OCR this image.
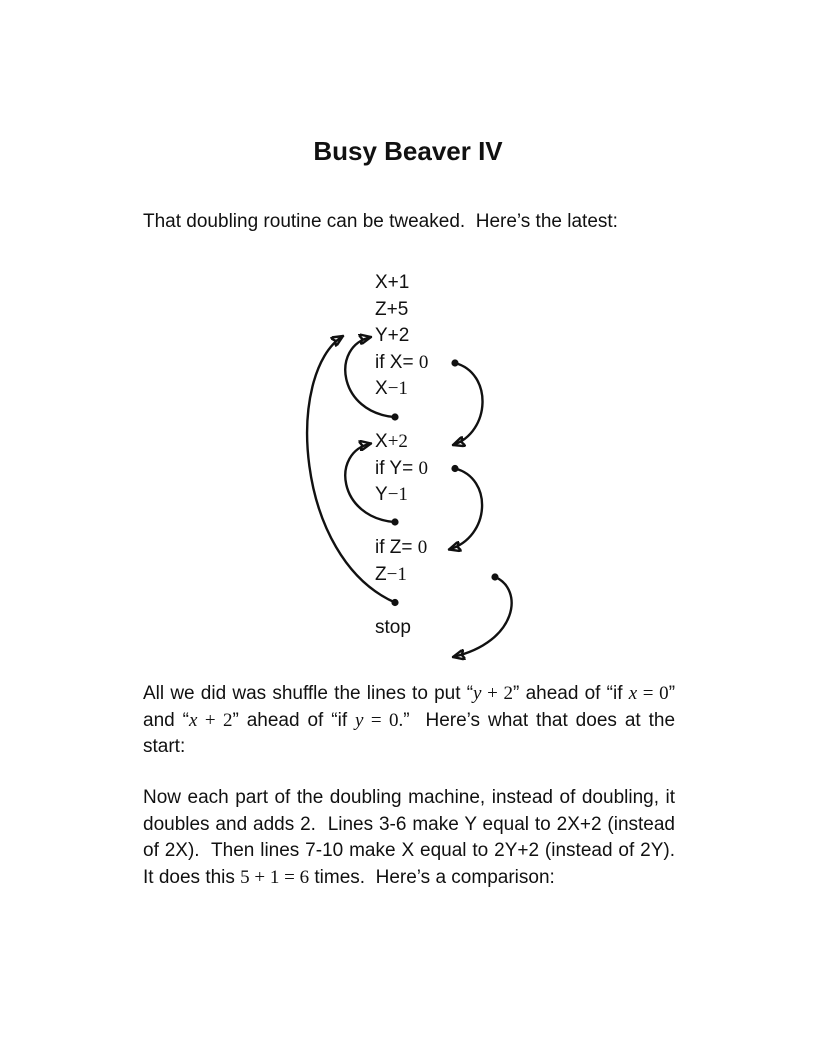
Busy Beaver IV
That doubling routine can be tweaked.  Here’s the latest:
X+1
Z+5
Y+2
if X= 0
X−1

X+2
if Y= 0
Y−1

if Z= 0
Z−1

stop
All we did was shuffle the lines to put “y + 2” ahead of “if x = 0” and “x + 2” ahead of “if y = 0.”  Here’s what that does at the start:
Now each part of the doubling machine, instead of doubling, it doubles and adds 2.  Lines 3-6 make Y equal to 2X+2 (instead of 2X).  Then lines 7-10 make X equal to 2Y+2 (instead of 2Y).  It does this 5 + 1 = 6 times.  Here’s a comparison:
